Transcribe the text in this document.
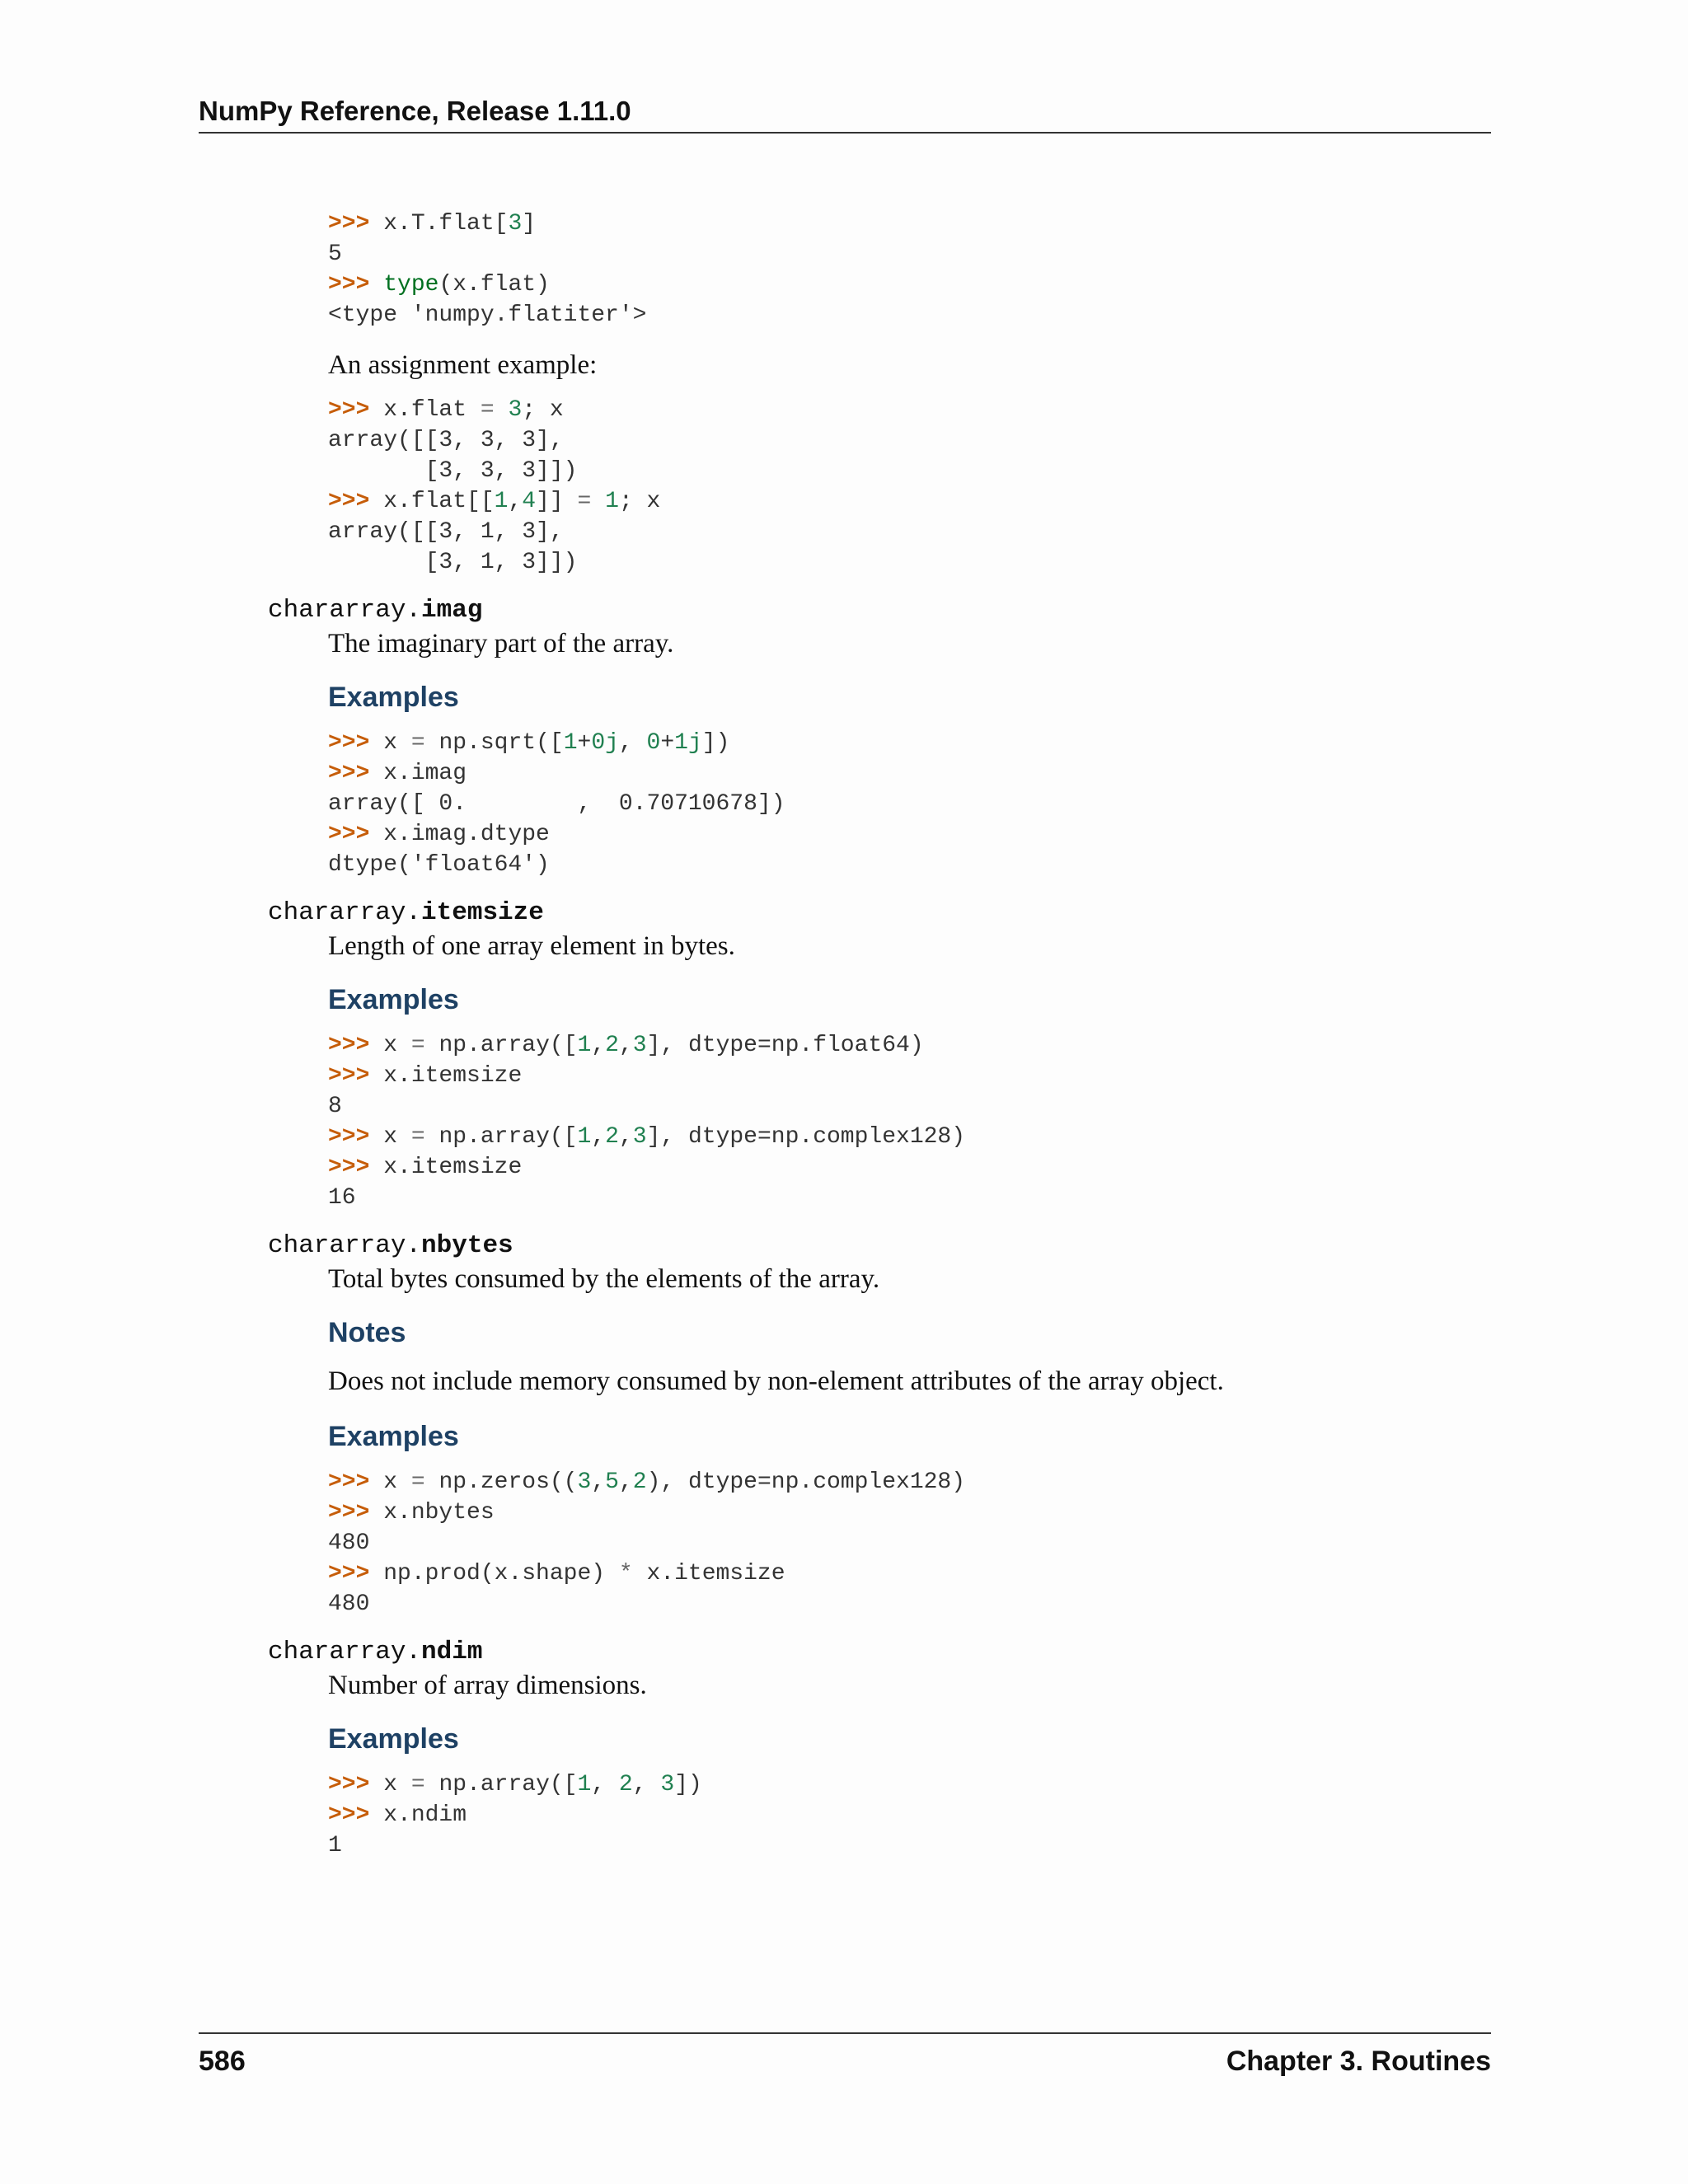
NumPy Reference, Release 1.11.0
>>> x.T.flat[3]
5
>>> type(x.flat)
<type 'numpy.flatiter'>
An assignment example:
>>> x.flat = 3; x
array([[3, 3, 3],
[3, 3, 3]])
>>> x.flat[[1,4]] = 1; x
array([[3, 1, 3],
[3, 1, 3]])
chararray.imag
The imaginary part of the array.
Examples
>>> x = np.sqrt([1+0j, 0+1j])
>>> x.imag
array([ 0.        ,  0.70710678])
>>> x.imag.dtype
dtype('float64')
chararray.itemsize
Length of one array element in bytes.
Examples
>>> x = np.array([1,2,3], dtype=np.float64)
>>> x.itemsize
8
>>> x = np.array([1,2,3], dtype=np.complex128)
>>> x.itemsize
16
chararray.nbytes
Total bytes consumed by the elements of the array.
Notes
Does not include memory consumed by non-element attributes of the array object.
Examples
>>> x = np.zeros((3,5,2), dtype=np.complex128)
>>> x.nbytes
480
>>> np.prod(x.shape) * x.itemsize
480
chararray.ndim
Number of array dimensions.
Examples
>>> x = np.array([1, 2, 3])
>>> x.ndim
1
586	Chapter 3. Routines
